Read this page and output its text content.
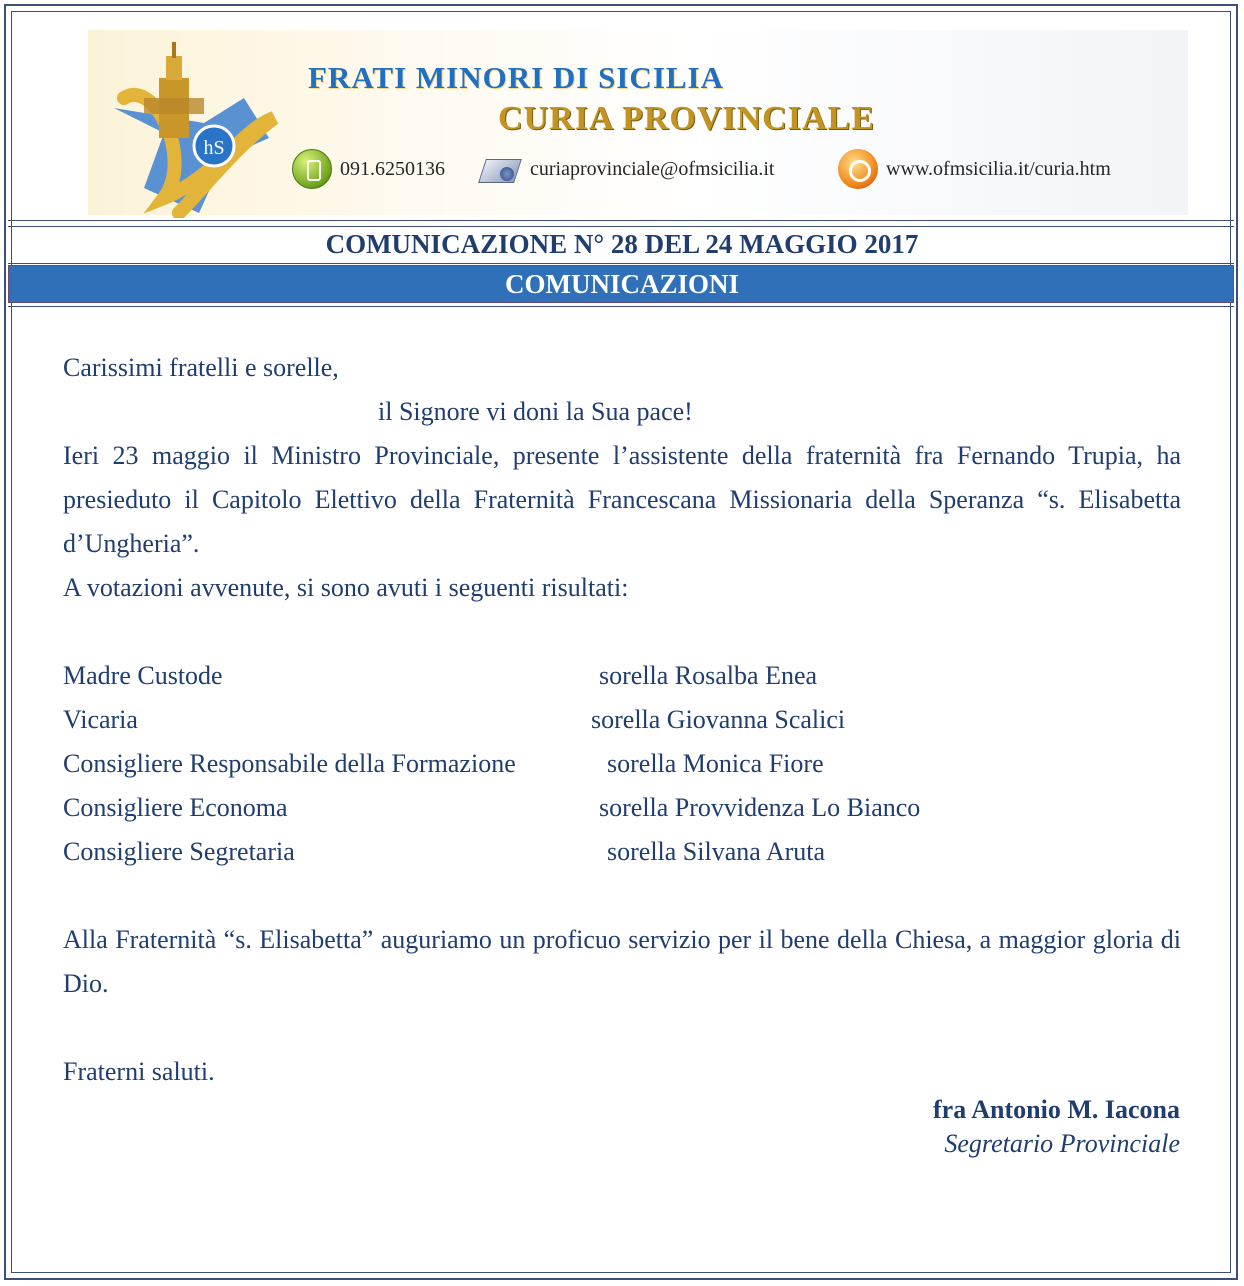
hS
FRATI MINORI DI SICILIA
CURIA PROVINCIALE
091.6250136	curiaprovinciale@ofmsicilia.it	www.ofmsicilia.it/curia.htm
COMUNICAZIONE N° 28 DEL 24 MAGGIO 2017
COMUNICAZIONI
Carissimi fratelli e sorelle,
il Signore vi doni la Sua pace!
Ieri 23 maggio il Ministro Provinciale, presente l’assistente della fraternità fra Fernando Trupia, ha presieduto il Capitolo Elettivo della Fraternità Francescana Missionaria della Speranza “s. Elisabetta d’Ungheria”.
A votazioni avvenute, si sono avuti i seguenti risultati:
Madre Custode	sorella Rosalba Enea
Vicaria	sorella Giovanna Scalici
Consigliere Responsabile della Formazione	sorella Monica Fiore
Consigliere Economa	sorella Provvidenza Lo Bianco
Consigliere Segretaria	sorella Silvana Aruta
Alla Fraternità “s. Elisabetta” auguriamo un proficuo servizio per il bene della Chiesa, a maggior gloria di Dio.
Fraterni saluti.
fra Antonio M. Iacona
Segretario Provinciale
